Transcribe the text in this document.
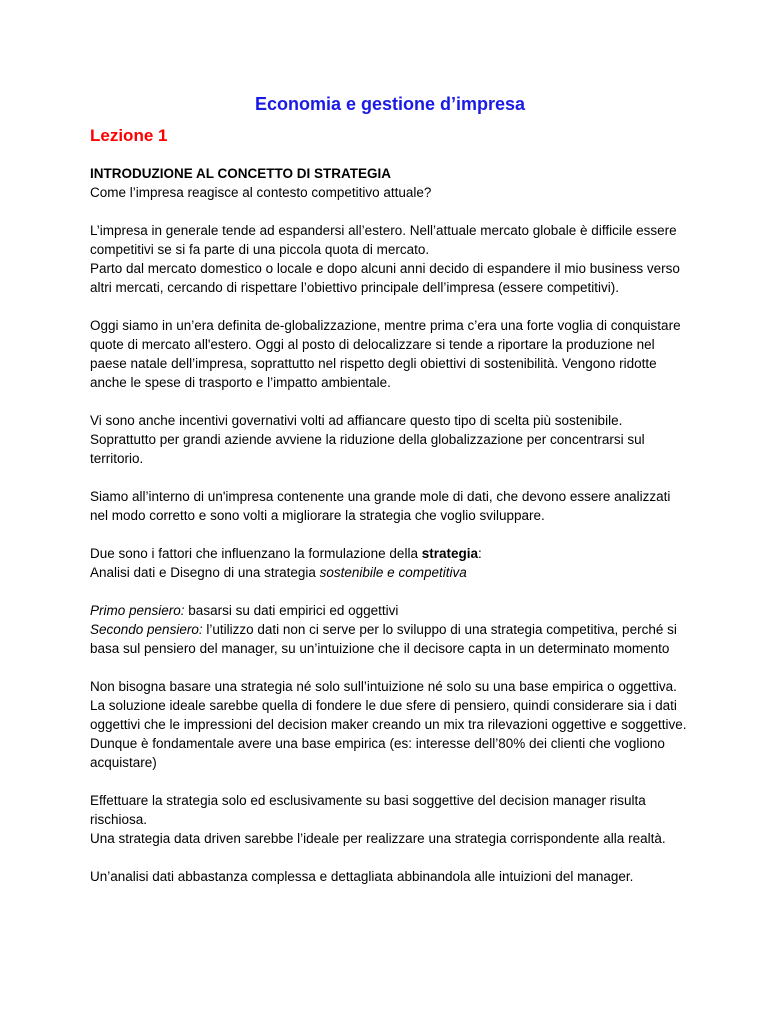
Economia e gestione d’impresa
Lezione 1

INTRODUZIONE AL CONCETTO DI STRATEGIA
Come l’impresa reagisce al contesto competitivo attuale?

L’impresa in generale tende ad espandersi all’estero. Nell’attuale mercato globale è difficile essere competitivi se si fa parte di una piccola quota di mercato.
Parto dal mercato domestico o locale e dopo alcuni anni decido di espandere il mio business verso altri mercati, cercando di rispettare l’obiettivo principale dell’impresa (essere competitivi).

Oggi siamo in un’era definita de-globalizzazione, mentre prima c’era una forte voglia di conquistare quote di mercato all'estero. Oggi al posto di delocalizzare si tende a riportare la produzione nel paese natale dell’impresa, soprattutto nel rispetto degli obiettivi di sostenibilità. Vengono ridotte anche le spese di trasporto e l’impatto ambientale.

Vi sono anche incentivi governativi volti ad affiancare questo tipo di scelta più sostenibile. Soprattutto per grandi aziende avviene la riduzione della globalizzazione per concentrarsi sul territorio.

Siamo all’interno di un'impresa contenente una grande mole di dati, che devono essere analizzati nel modo corretto e sono volti a migliorare la strategia che voglio sviluppare.

Due sono i fattori che influenzano la formulazione della strategia:
Analisi dati e Disegno di una strategia sostenibile e competitiva

Primo pensiero: basarsi su dati empirici ed oggettivi
Secondo pensiero: l’utilizzo dati non ci serve per lo sviluppo di una strategia competitiva, perché si basa sul pensiero del manager, su un’intuizione che il decisore capta in un determinato momento

Non bisogna basare una strategia né solo sull’intuizione né solo su una base empirica o oggettiva. La soluzione ideale sarebbe quella di fondere le due sfere di pensiero, quindi considerare sia i dati oggettivi che le impressioni del decision maker creando un mix tra rilevazioni oggettive e soggettive. Dunque è fondamentale avere una base empirica (es: interesse dell’80% dei clienti che vogliono acquistare)

Effettuare la strategia solo ed esclusivamente su basi soggettive del decision manager risulta rischiosa.
Una strategia data driven sarebbe l’ideale per realizzare una strategia corrispondente alla realtà.

Un’analisi dati abbastanza complessa e dettagliata abbinandola alle intuizioni del manager.
